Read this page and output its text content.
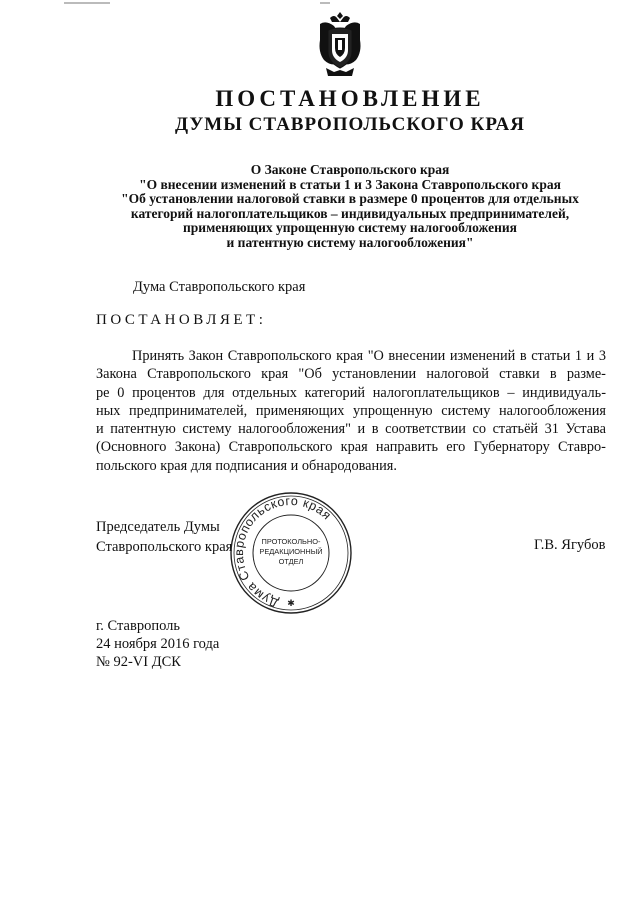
ПОСТАНОВЛЕНИЕ
ДУМЫ СТАВРОПОЛЬСКОГО КРАЯ
О Законе Ставропольского края
"О внесении изменений в статьи 1 и 3 Закона Ставропольского края
"Об установлении налоговой ставки в размере 0 процентов для отдельных
категорий налогоплательщиков – индивидуальных предпринимателей,
применяющих упрощенную систему налогообложения
и патентную систему налогообложения"
Дума Ставропольского края
ПОСТАНОВЛЯЕТ:
Принять Закон Ставропольского края "О внесении изменений в статьи 1 и 3
Закона Ставропольского края "Об установлении налоговой ставки в разме-
ре 0 процентов для отдельных категорий налогоплательщиков – индивидуаль-
ных предпринимателей, применяющих упрощенную систему налогообложения
и патентную систему налогообложения" и в соответствии со статьёй 31 Устава
(Основного Закона) Ставропольского края направить его Губернатору Ставро-
польского края для подписания и обнародования.
Председатель Думы
Ставропольского края	Г.В. Ягубов
Дума Ставропольского края
ПРОТОКОЛЬНО-
РЕДАКЦИОННЫЙ
ОТДЕЛ
✱
г. Ставрополь
24 ноября 2016 года
№ 92-VI ДСК
